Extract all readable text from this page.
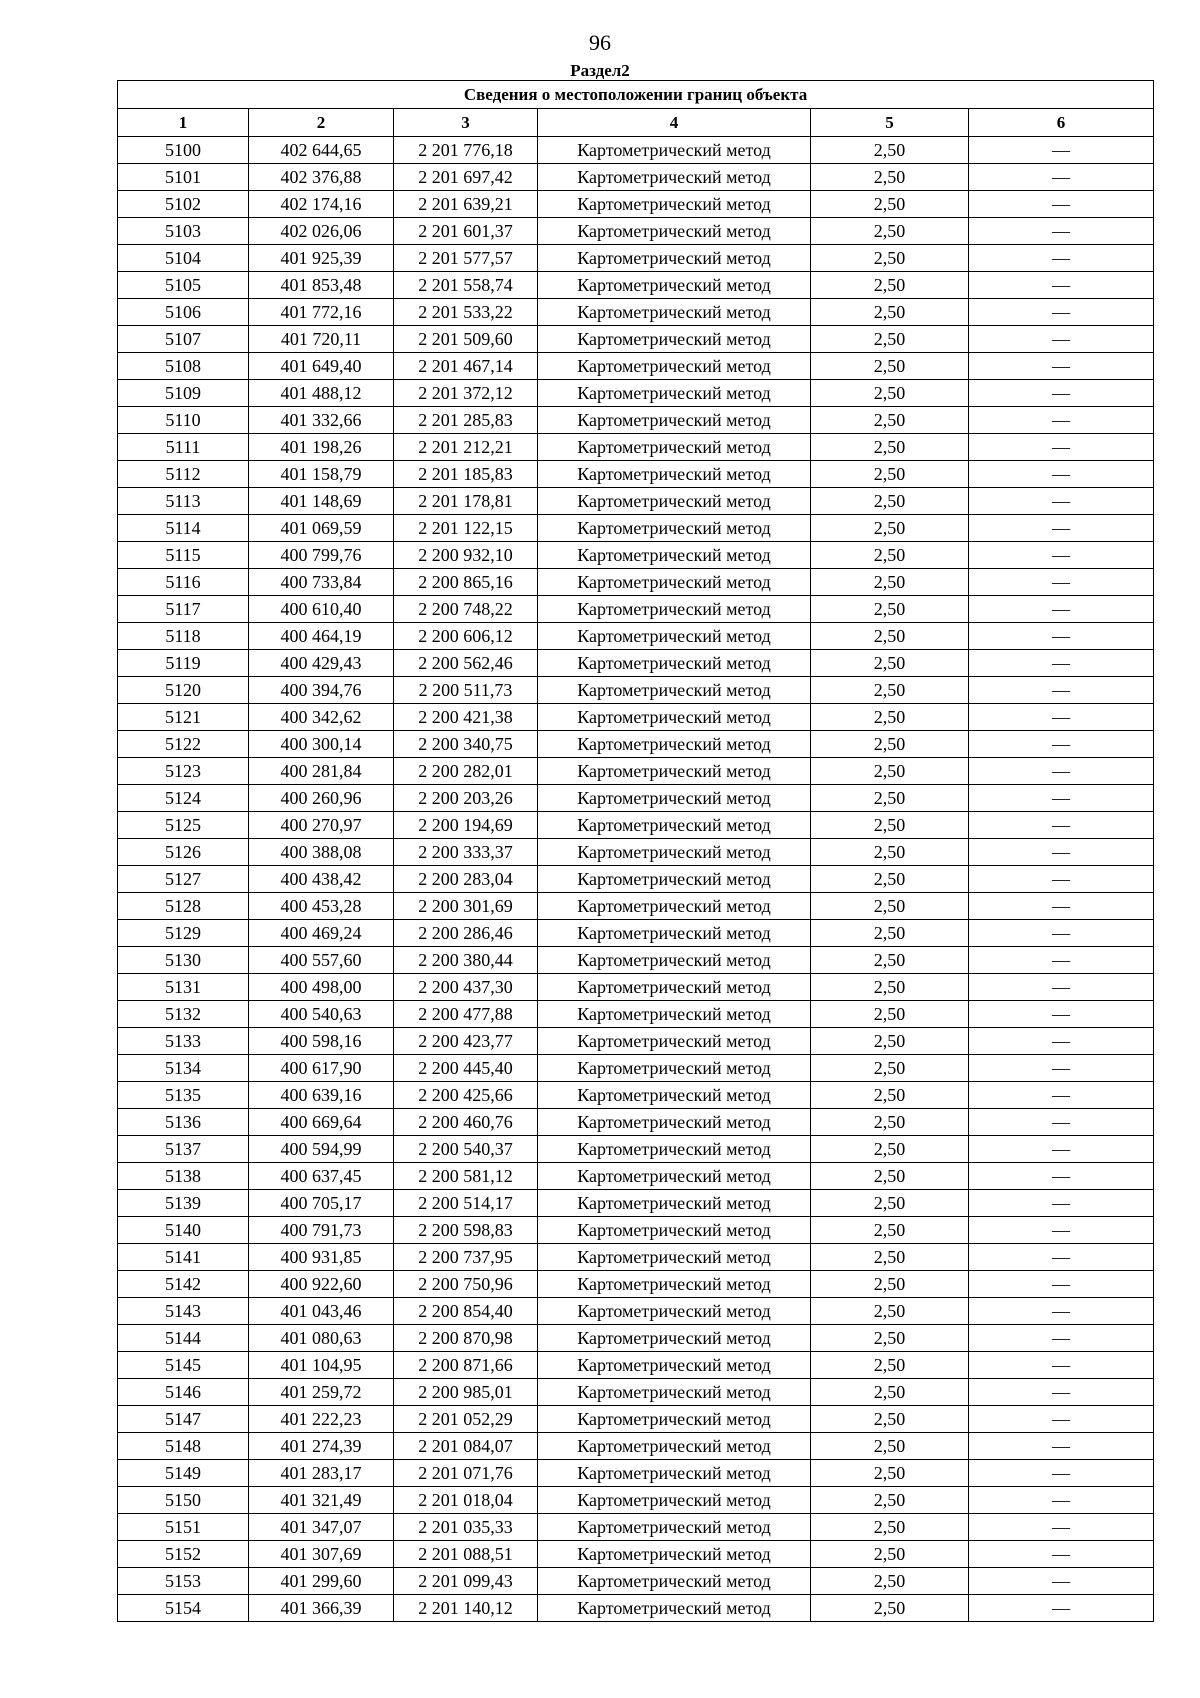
96
Раздел2
Сведения о местоположении границ объекта					
1	2	3	4	5	6
5100	402 644,65	2 201 776,18	Картометрический метод	2,50	—
5101	402 376,88	2 201 697,42	Картометрический метод	2,50	—
5102	402 174,16	2 201 639,21	Картометрический метод	2,50	—
5103	402 026,06	2 201 601,37	Картометрический метод	2,50	—
5104	401 925,39	2 201 577,57	Картометрический метод	2,50	—
5105	401 853,48	2 201 558,74	Картометрический метод	2,50	—
5106	401 772,16	2 201 533,22	Картометрический метод	2,50	—
5107	401 720,11	2 201 509,60	Картометрический метод	2,50	—
5108	401 649,40	2 201 467,14	Картометрический метод	2,50	—
5109	401 488,12	2 201 372,12	Картометрический метод	2,50	—
5110	401 332,66	2 201 285,83	Картометрический метод	2,50	—
5111	401 198,26	2 201 212,21	Картометрический метод	2,50	—
5112	401 158,79	2 201 185,83	Картометрический метод	2,50	—
5113	401 148,69	2 201 178,81	Картометрический метод	2,50	—
5114	401 069,59	2 201 122,15	Картометрический метод	2,50	—
5115	400 799,76	2 200 932,10	Картометрический метод	2,50	—
5116	400 733,84	2 200 865,16	Картометрический метод	2,50	—
5117	400 610,40	2 200 748,22	Картометрический метод	2,50	—
5118	400 464,19	2 200 606,12	Картометрический метод	2,50	—
5119	400 429,43	2 200 562,46	Картометрический метод	2,50	—
5120	400 394,76	2 200 511,73	Картометрический метод	2,50	—
5121	400 342,62	2 200 421,38	Картометрический метод	2,50	—
5122	400 300,14	2 200 340,75	Картометрический метод	2,50	—
5123	400 281,84	2 200 282,01	Картометрический метод	2,50	—
5124	400 260,96	2 200 203,26	Картометрический метод	2,50	—
5125	400 270,97	2 200 194,69	Картометрический метод	2,50	—
5126	400 388,08	2 200 333,37	Картометрический метод	2,50	—
5127	400 438,42	2 200 283,04	Картометрический метод	2,50	—
5128	400 453,28	2 200 301,69	Картометрический метод	2,50	—
5129	400 469,24	2 200 286,46	Картометрический метод	2,50	—
5130	400 557,60	2 200 380,44	Картометрический метод	2,50	—
5131	400 498,00	2 200 437,30	Картометрический метод	2,50	—
5132	400 540,63	2 200 477,88	Картометрический метод	2,50	—
5133	400 598,16	2 200 423,77	Картометрический метод	2,50	—
5134	400 617,90	2 200 445,40	Картометрический метод	2,50	—
5135	400 639,16	2 200 425,66	Картометрический метод	2,50	—
5136	400 669,64	2 200 460,76	Картометрический метод	2,50	—
5137	400 594,99	2 200 540,37	Картометрический метод	2,50	—
5138	400 637,45	2 200 581,12	Картометрический метод	2,50	—
5139	400 705,17	2 200 514,17	Картометрический метод	2,50	—
5140	400 791,73	2 200 598,83	Картометрический метод	2,50	—
5141	400 931,85	2 200 737,95	Картометрический метод	2,50	—
5142	400 922,60	2 200 750,96	Картометрический метод	2,50	—
5143	401 043,46	2 200 854,40	Картометрический метод	2,50	—
5144	401 080,63	2 200 870,98	Картометрический метод	2,50	—
5145	401 104,95	2 200 871,66	Картометрический метод	2,50	—
5146	401 259,72	2 200 985,01	Картометрический метод	2,50	—
5147	401 222,23	2 201 052,29	Картометрический метод	2,50	—
5148	401 274,39	2 201 084,07	Картометрический метод	2,50	—
5149	401 283,17	2 201 071,76	Картометрический метод	2,50	—
5150	401 321,49	2 201 018,04	Картометрический метод	2,50	—
5151	401 347,07	2 201 035,33	Картометрический метод	2,50	—
5152	401 307,69	2 201 088,51	Картометрический метод	2,50	—
5153	401 299,60	2 201 099,43	Картометрический метод	2,50	—
5154	401 366,39	2 201 140,12	Картометрический метод	2,50	—
